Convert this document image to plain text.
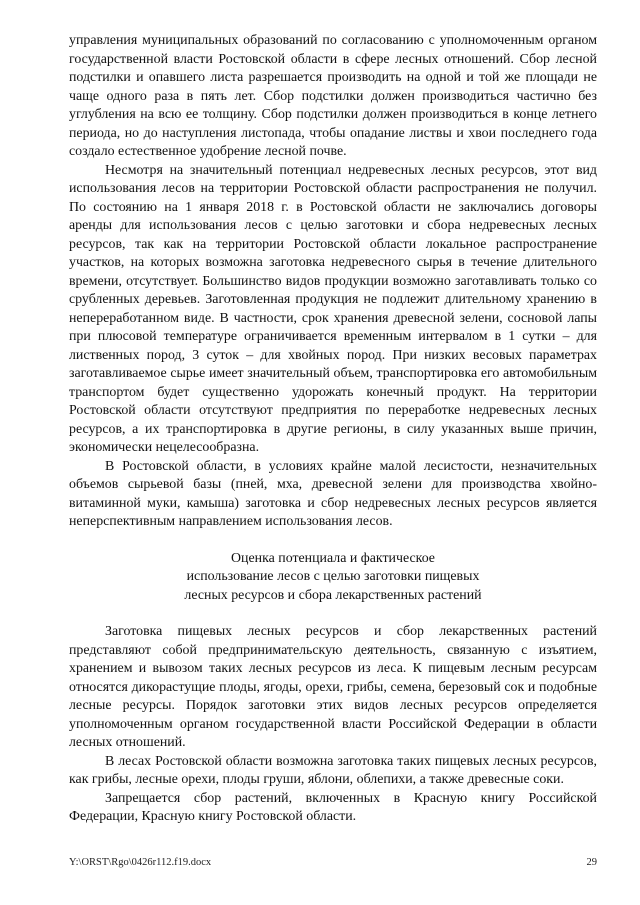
управления муниципальных образований по согласованию с уполномоченным органом государственной власти Ростовской области в сфере лесных отношений. Сбор лесной подстилки и опавшего листа разрешается производить на одной и той же площади не чаще одного раза в пять лет. Сбор подстилки должен производиться частично без углубления на всю ее толщину. Сбор подстилки должен производиться в конце летнего периода, но до наступления листопада, чтобы опадание листвы и хвои последнего года создало естественное удобрение лесной почве.

Несмотря на значительный потенциал недревесных лесных ресурсов, этот вид использования лесов на территории Ростовской области распространения не получил. По состоянию на 1 января 2018 г. в Ростовской области не заключались договоры аренды для использования лесов с целью заготовки и сбора недревесных лесных ресурсов, так как на территории Ростовской области локальное распространение участков, на которых возможна заготовка недревесного сырья в течение длительного времени, отсутствует. Большинство видов продукции возможно заготавливать только со срубленных деревьев. Заготовленная продукция не подлежит длительному хранению в непереработанном виде. В частности, срок хранения древесной зелени, сосновой лапы при плюсовой температуре ограничивается временным интервалом в 1 сутки – для лиственных пород, 3 суток – для хвойных пород. При низких весовых параметрах заготавливаемое сырье имеет значительный объем, транспортировка его автомобильным транспортом будет существенно удорожать конечный продукт. На территории Ростовской области отсутствуют предприятия по переработке недревесных лесных ресурсов, а их транспортировка в другие регионы, в силу указанных выше причин, экономически нецелесообразна.

В Ростовской области, в условиях крайне малой лесистости, незначительных объемов сырьевой базы (пней, мха, древесной зелени для производства хвойно-витаминной муки, камыша) заготовка и сбор недревесных лесных ресурсов является неперспективным направлением использования лесов.

Оценка потенциала и фактическое
использование лесов с целью заготовки пищевых
лесных ресурсов и сбора лекарственных растений

Заготовка пищевых лесных ресурсов и сбор лекарственных растений представляют собой предпринимательскую деятельность, связанную с изъятием, хранением и вывозом таких лесных ресурсов из леса. К пищевым лесным ресурсам относятся дикорастущие плоды, ягоды, орехи, грибы, семена, березовый сок и подобные лесные ресурсы. Порядок заготовки этих видов лесных ресурсов определяется уполномоченным органом государственной власти Российской Федерации в области лесных отношений.

В лесах Ростовской области возможна заготовка таких пищевых лесных ресурсов, как грибы, лесные орехи, плоды груши, яблони, облепихи, а также древесные соки.

Запрещается сбор растений, включенных в Красную книгу Российской Федерации, Красную книгу Ростовской области.

Y:\ORST\Rgo\0426r112.f19.docx	29
